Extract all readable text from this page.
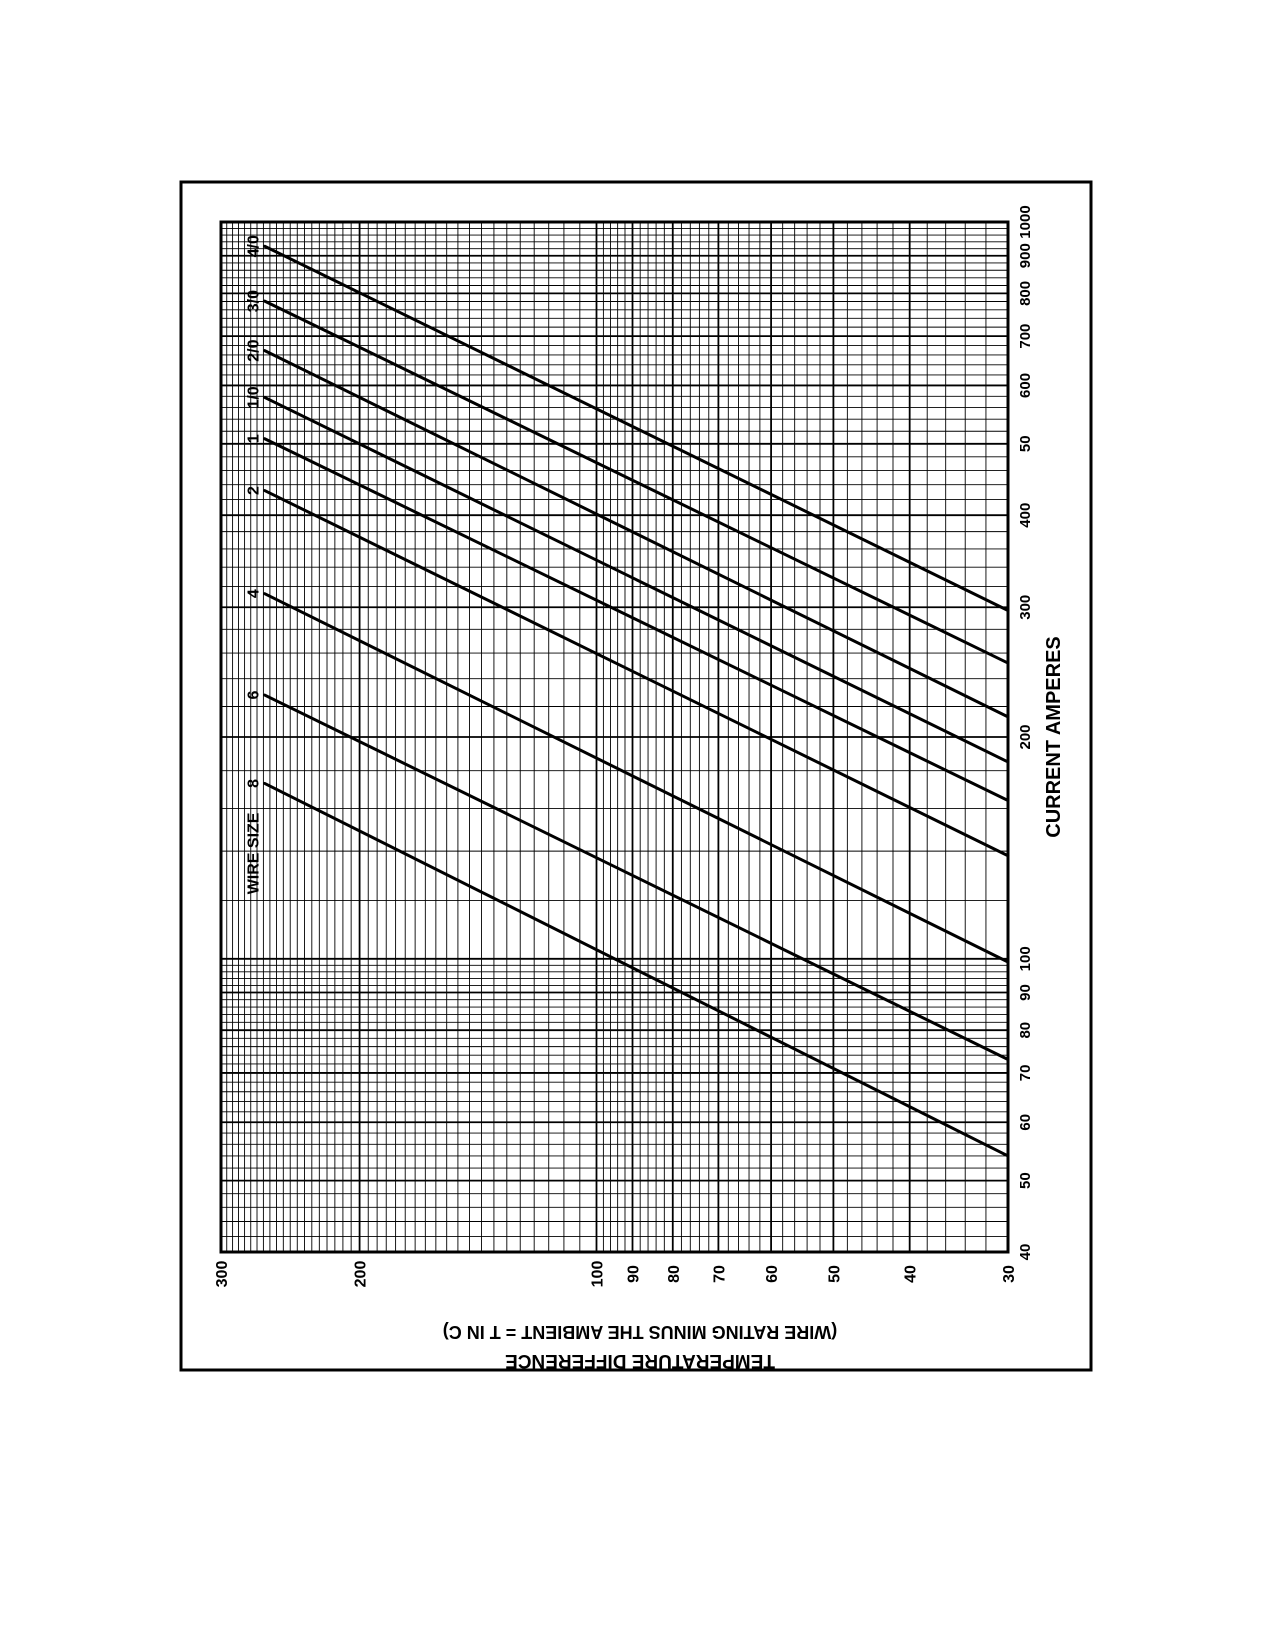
8
6
4
2
1
1/0
2/0
3/0
4/0
WIRE SIZE
40
50
60
70
80
90
100
200
300
400
50
600
700
800
900
1000
30
40
50
60
70
80
90
100
200
300
CURRENT AMPERES
TEMPERATURE DIFFERENCE
(WIRE RATING MINUS THE AMBIENT = T IN C)
